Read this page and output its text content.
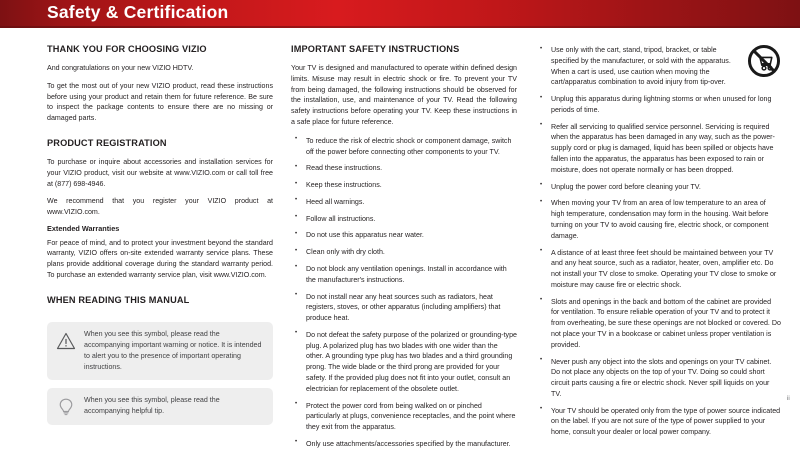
Safety & Certification
THANK YOU FOR CHOOSING VIZIO

And congratulations on your new VIZIO HDTV.

To get the most out of your new VIZIO product, read these instructions before using your product and retain them for future reference. Be sure to inspect the package contents to ensure there are no missing or damaged parts.

PRODUCT REGISTRATION

To purchase or inquire about accessories and installation services for your VIZIO product, visit our website at www.VIZIO.com or call toll free at (877) 698-4946.

We recommend that you register your VIZIO product at www.VIZIO.com.

Extended Warranties

For peace of mind, and to protect your investment beyond the standard warranty, VIZIO offers on-site extended warranty service plans. These plans provide additional coverage during the standard warranty period. To purchase an extended warranty service plan, visit www.VIZIO.com.

WHEN READING THIS MANUAL
When you see this symbol, please read the accompanying important warning or notice. It is intended to alert you to the presence of important operating instructions.
When you see this symbol, please read the accompanying helpful tip.
IMPORTANT SAFETY INSTRUCTIONS

Your TV is designed and manufactured to operate within defined design limits. Misuse may result in electric shock or fire. To prevent your TV from being damaged, the following instructions should be observed for the installation, use, and maintenance of your TV. Read the following safety instructions before operating your TV. Keep these instructions in a safe place for future reference.

• To reduce the risk of electric shock or component damage, switch off the power before connecting other components to your TV.
• Read these instructions.
• Keep these instructions.
• Heed all warnings.
• Follow all instructions.
• Do not use this apparatus near water.
• Clean only with dry cloth.
• Do not block any ventilation openings. Install in accordance with the manufacturer's instructions.
• Do not install near any heat sources such as radiators, heat registers, stoves, or other apparatus (including amplifiers) that produce heat.
• Do not defeat the safety purpose of the polarized or grounding-type plug. A polarized plug has two blades with one wider than the other. A grounding type plug has two blades and a third grounding prong. The wide blade or the third prong are provided for your safety. If the provided plug does not fit into your outlet, consult an electrician for replacement of the obsolete outlet.
• Protect the power cord from being walked on or pinched particularly at plugs, convenience receptacles, and the point where they exit from the apparatus.
• Only use attachments/accessories specified by the manufacturer.
• Use only with the cart, stand, tripod, bracket, or table specified by the manufacturer, or sold with the apparatus. When a cart is used, use caution when moving the cart/apparatus combination to avoid injury from tip-over.
• Unplug this apparatus during lightning storms or when unused for long periods of time.
• Refer all servicing to qualified service personnel. Servicing is required when the apparatus has been damaged in any way, such as the power-supply cord or plug is damaged, liquid has been spilled or objects have fallen into the apparatus, the apparatus has been exposed to rain or moisture, does not operate normally or has been dropped.
• Unplug the power cord before cleaning your TV.
• When moving your TV from an area of low temperature to an area of high temperature, condensation may form in the housing. Wait before turning on your TV to avoid causing fire, electric shock, or component damage.
• A distance of at least three feet should be maintained between your TV and any heat source, such as a radiator, heater, oven, amplifier etc. Do not install your TV close to smoke. Operating your TV close to smoke or moisture may cause fire or electric shock.
• Slots and openings in the back and bottom of the cabinet are provided for ventilation. To ensure reliable operation of your TV and to protect it from overheating, be sure these openings are not blocked or covered. Do not place your TV in a bookcase or cabinet unless proper ventilation is provided.
• Never push any object into the slots and openings on your TV cabinet. Do not place any objects on the top of your TV. Doing so could short circuit parts causing a fire or electric shock. Never spill liquids on your TV.
• Your TV should be operated only from the type of power source indicated on the label. If you are not sure of the type of power supplied to your home, consult your dealer or local power company.
ii
